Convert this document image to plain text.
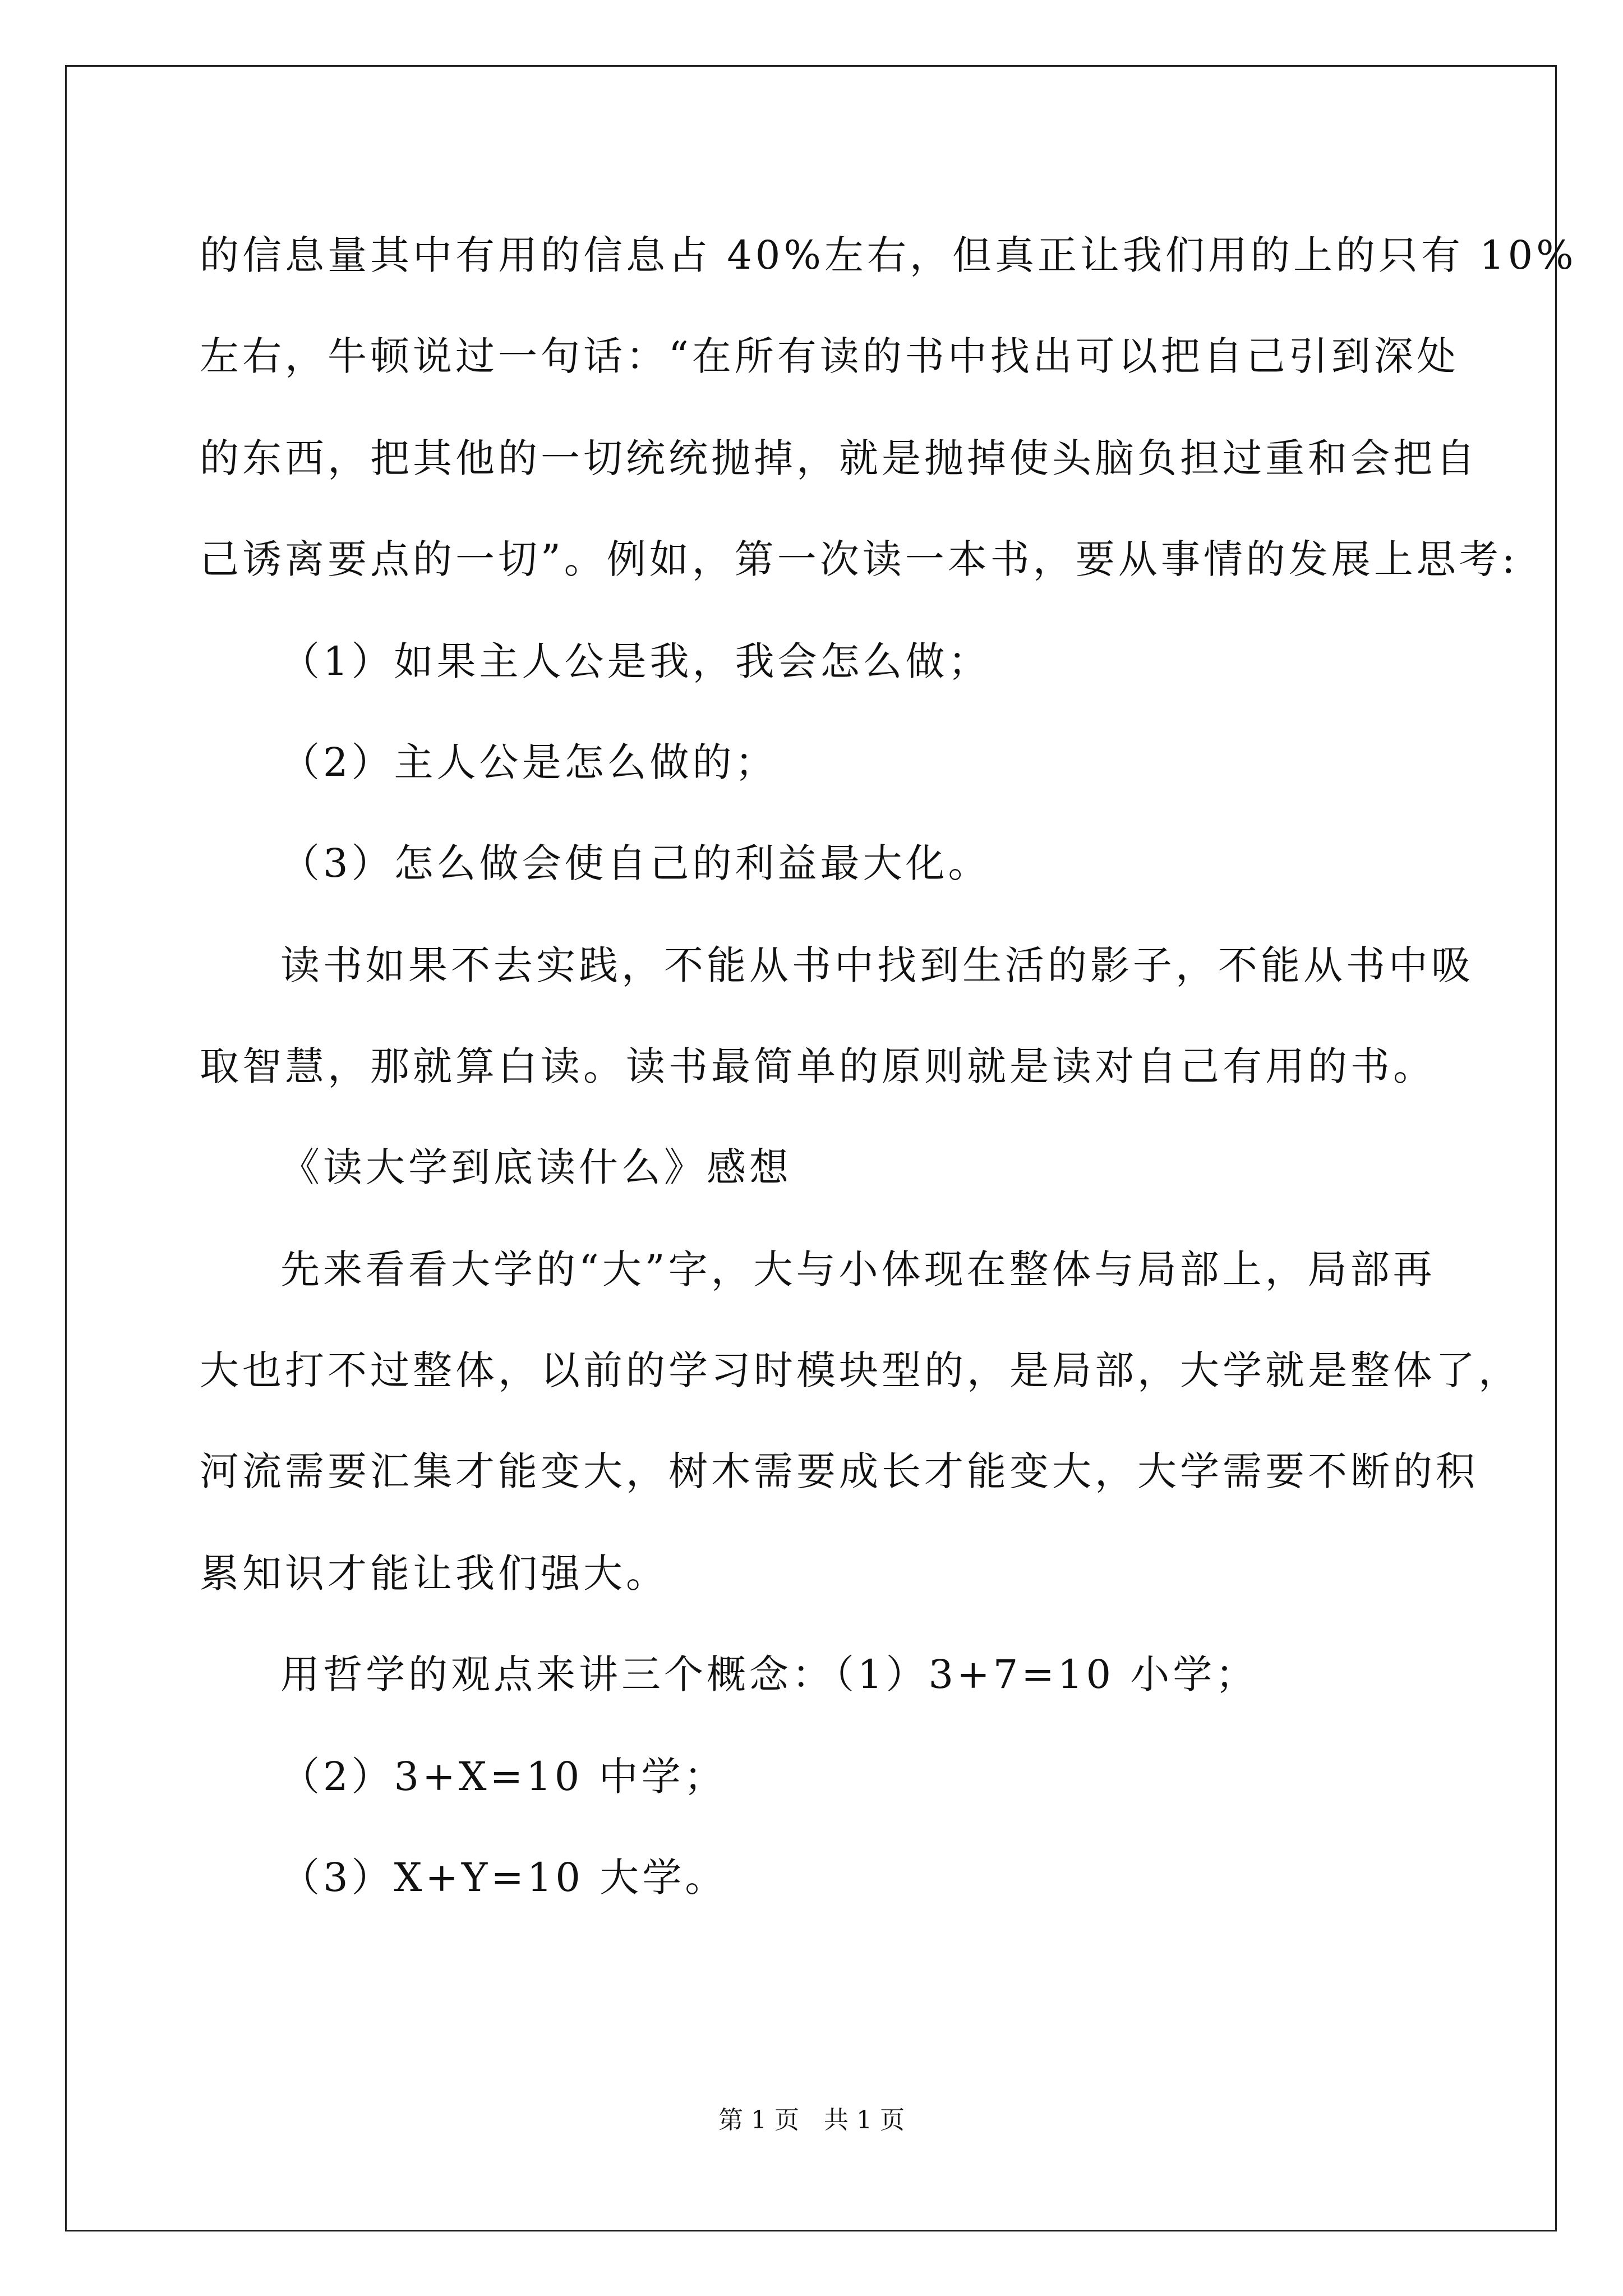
的信息量其中有用的信息占 40%左右，但真正让我们用的上的只有 10%
左右，牛顿说过一句话：“在所有读的书中找出可以把自己引到深处
的东西，把其他的一切统统抛掉，就是抛掉使头脑负担过重和会把自
己诱离要点的一切”。例如，第一次读一本书，要从事情的发展上思考:
（1）如果主人公是我，我会怎么做；
（2）主人公是怎么做的；
（3）怎么做会使自己的利益最大化。
读书如果不去实践，不能从书中找到生活的影子，不能从书中吸
取智慧，那就算白读。读书最简单的原则就是读对自己有用的书。
《读大学到底读什么》感想
先来看看大学的“大”字，大与小体现在整体与局部上，局部再
大也打不过整体，以前的学习时模块型的，是局部，大学就是整体了，
河流需要汇集才能变大，树木需要成长才能变大，大学需要不断的积
累知识才能让我们强大。
用哲学的观点来讲三个概念：（1）3+7=10 小学；
（2）3+X=10 中学；
（3）X+Y=10 大学。
第 1 页　共 1 页
